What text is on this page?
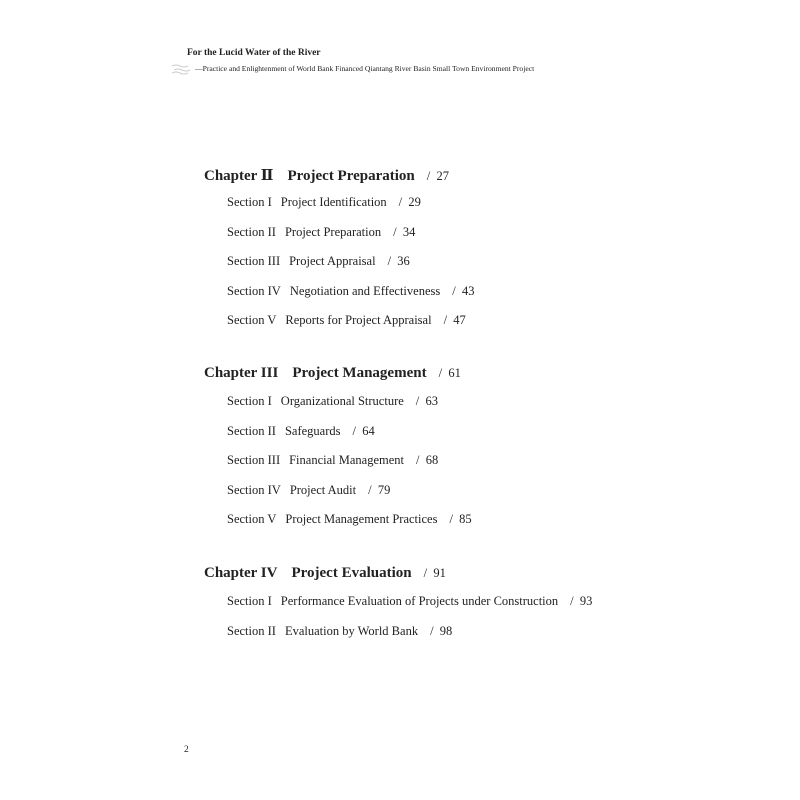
For the Lucid Water of the River
—Practice and Enlightenment of World Bank Financed Qiantang River Basin Small Town Environment Project
Chapter Ⅱ Project Preparation /  27
Section I Project Identification /  29
Section II Project Preparation /  34
Section III Project Appraisal /  36
Section IV Negotiation and Effectiveness /  43
Section V Reports for Project Appraisal /  47
Chapter III Project Management /  61
Section I Organizational Structure /  63
Section II Safeguards /  64
Section III Financial Management /  68
Section IV Project Audit /  79
Section V Project Management Practices /  85
Chapter IV Project Evaluation /  91
Section I Performance Evaluation of Projects under Construction /  93
Section II Evaluation by World Bank /  98
2
